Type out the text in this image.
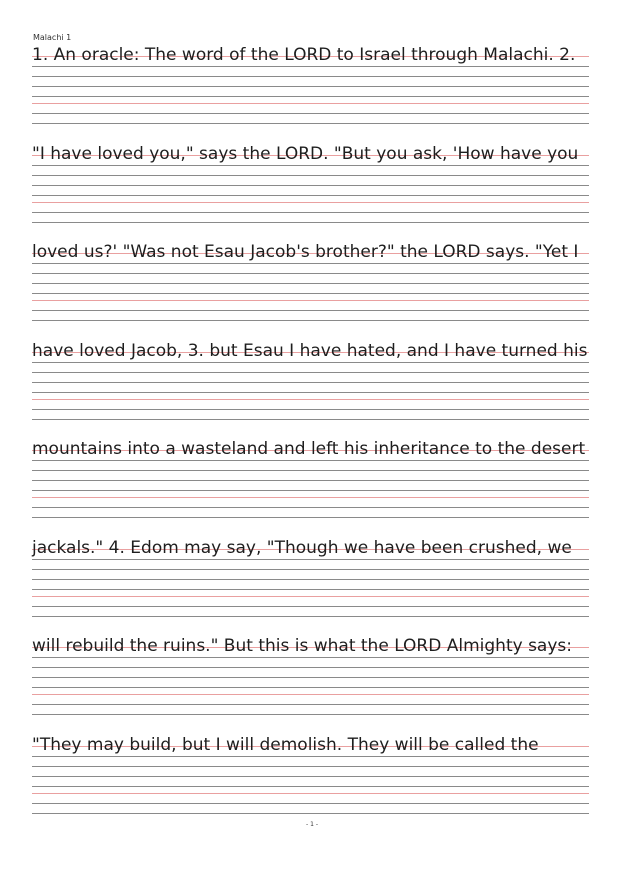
Malachi 1
1. An oracle: The word of the LORD to Israel through Malachi. 2.
"I have loved you," says the LORD. "But you ask, 'How have you
loved us?' "Was not Esau Jacob's brother?" the LORD says. "Yet I
have loved Jacob, 3. but Esau I have hated, and I have turned his
mountains into a wasteland and left his inheritance to the desert
jackals." 4. Edom may say, "Though we have been crushed, we
will rebuild the ruins." But this is what the LORD Almighty says:
"They may build, but I will demolish. They will be called the
- 1 -
